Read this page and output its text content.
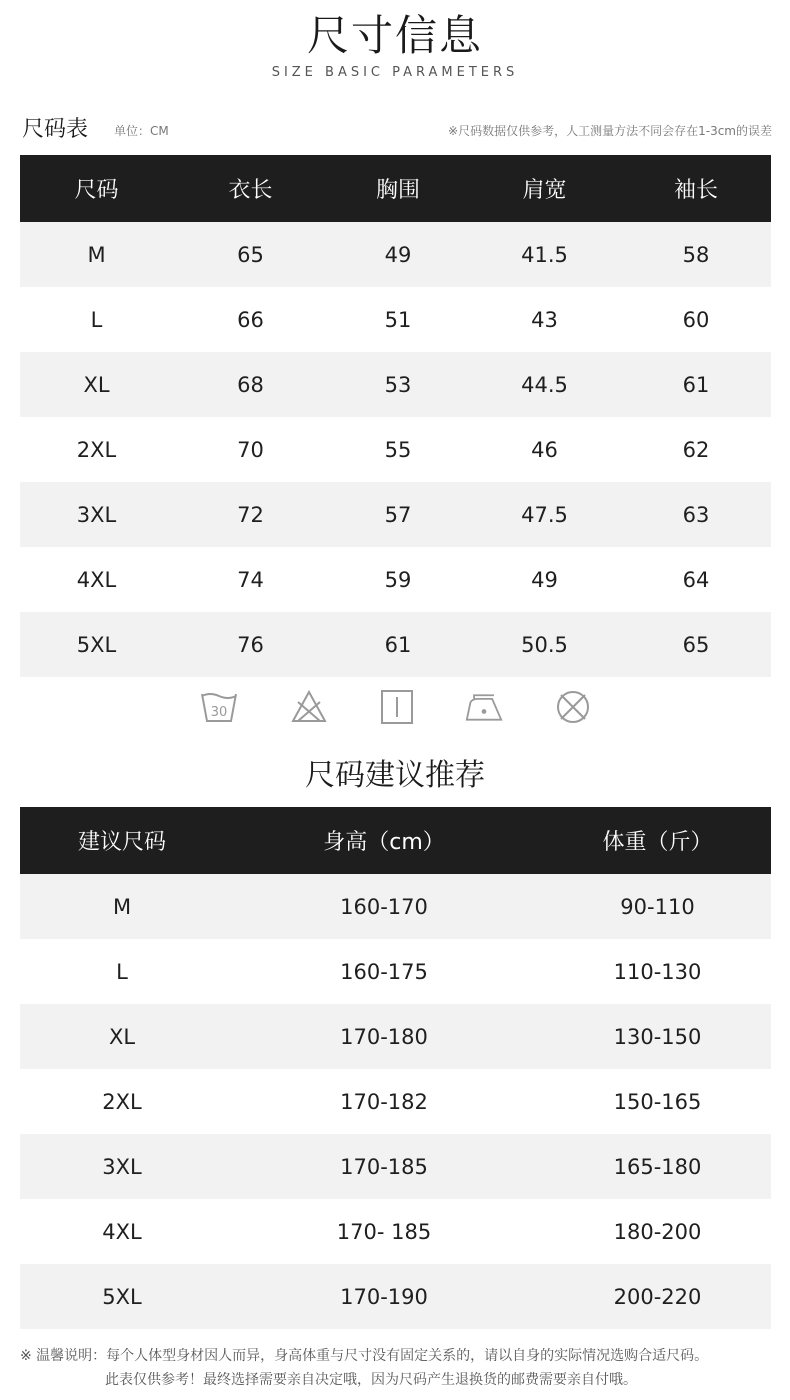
尺寸信息
SIZE BASIC PARAMETERS
尺码表 单位：CM	※尺码数据仅供参考，人工测量方法不同会存在1-3cm的误差
尺码	衣长	胸围	肩宽	袖长
M	65	49	41.5	58
L	66	51	43	60
XL	68	53	44.5	61
2XL	70	55	46	62
3XL	72	57	47.5	63
4XL	74	59	49	64
5XL	76	61	50.5	65
30
尺码建议推荐
建议尺码	身高（cm）	体重（斤）
M	160-170	90-110
L	160-175	110-130
XL	170-180	130-150
2XL	170-182	150-165
3XL	170-185	165-180
4XL	170- 185	180-200
5XL	170-190	200-220
※ 温馨说明：每个人体型身材因人而异，身高体重与尺寸没有固定关系的，请以自身的实际情况选购合适尺码。
此表仅供参考！最终选择需要亲自决定哦，因为尺码产生退换货的邮费需要亲自付哦。
